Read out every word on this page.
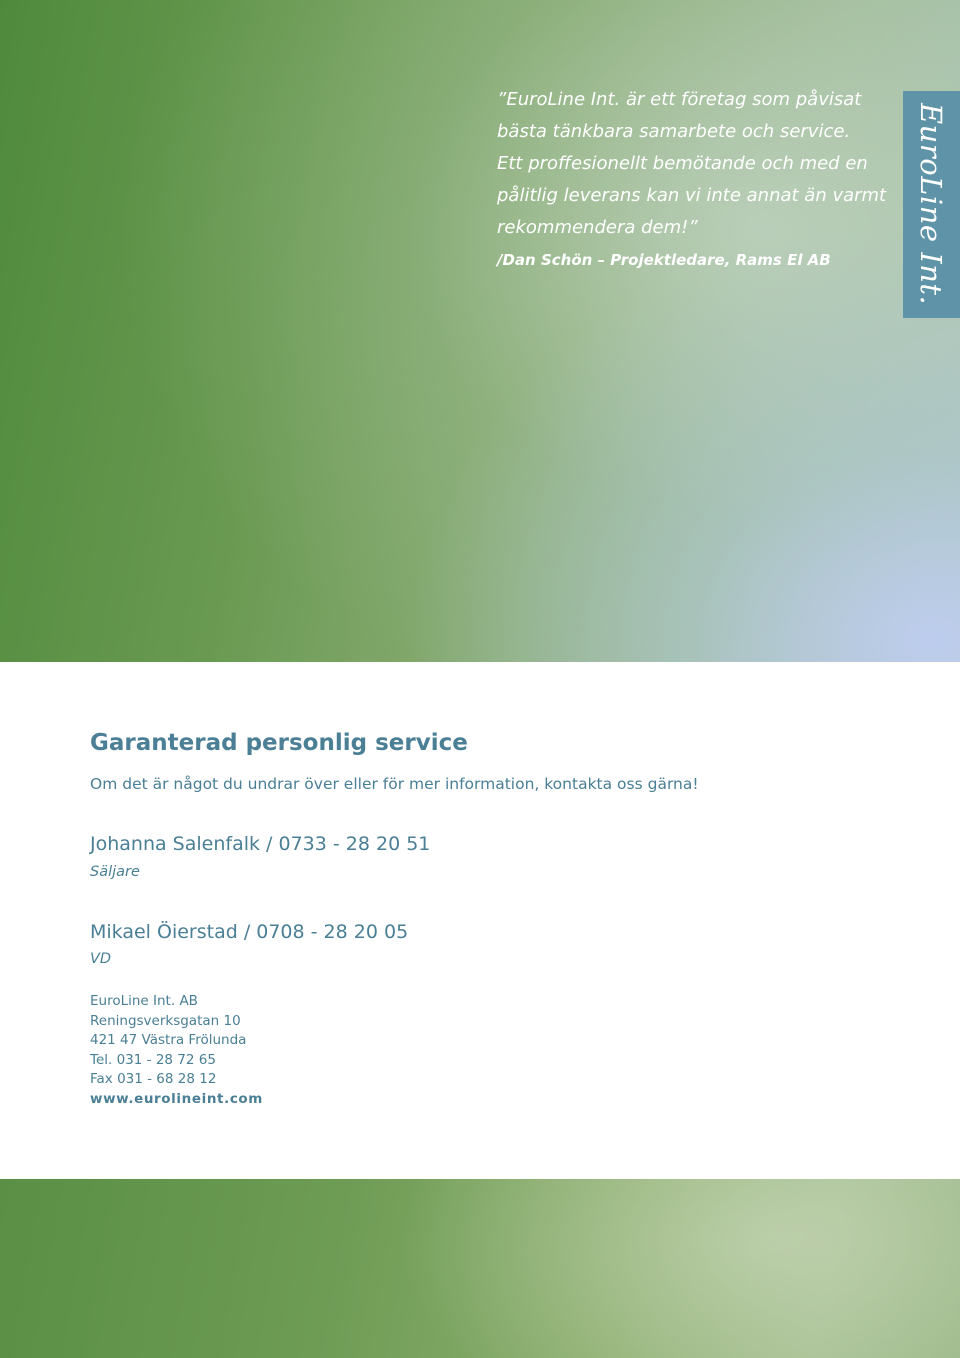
”EuroLine Int. är ett företag som påvisat
bästa tänkbara samarbete och service.
Ett proffesionellt bemötande och med en
pålitlig leverans kan vi inte annat än varmt
rekommendera dem!”
/Dan Schön – Projektledare, Rams El AB	EuroLine Int.
Garanterad personlig service
Om det är något du undrar över eller för mer information, kontakta oss gärna!
Johanna Salenfalk / 0733 - 28 20 51
Säljare
Mikael Öierstad / 0708 - 28 20 05
VD
EuroLine Int. AB
Reningsverksgatan 10
421 47 Västra Frölunda
Tel. 031 - 28 72 65
Fax 031 - 68 28 12
www.eurolineint.com
